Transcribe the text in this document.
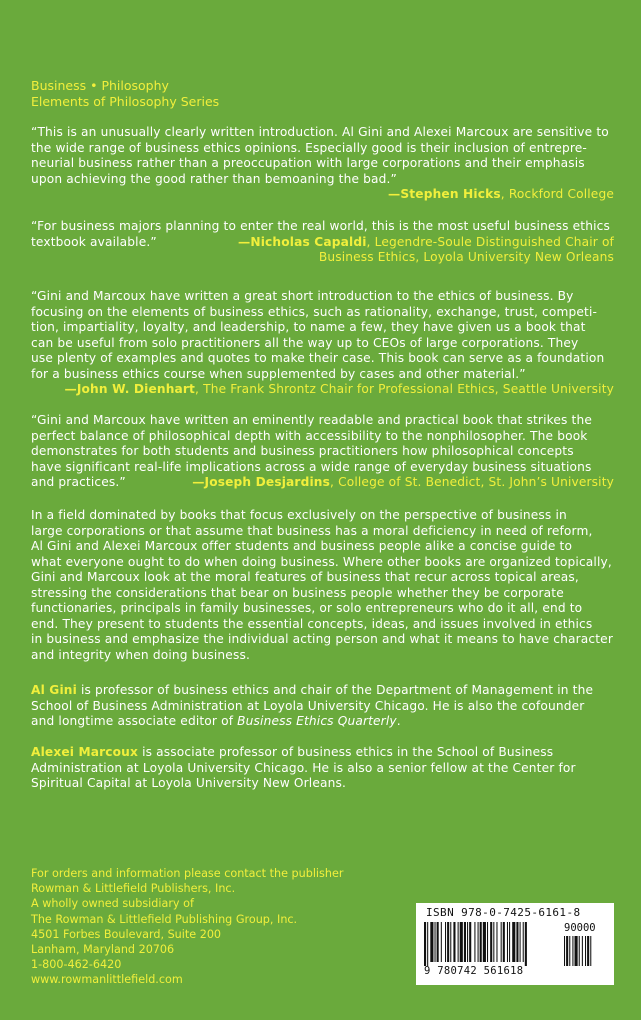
Business • Philosophy
Elements of Philosophy Series
“This is an unusually clearly written introduction. Al Gini and Alexei Marcoux are sensitive to
the wide range of business ethics opinions. Especially good is their inclusion of entrepre-
neurial business rather than a preoccupation with large corporations and their emphasis
upon achieving the good rather than bemoaning the bad.”
—Stephen Hicks, Rockford College
“For business majors planning to enter the real world, this is the most useful business ethics
textbook available.”	—Nicholas Capaldi, Legendre-Soule Distinguished Chair of
Business Ethics, Loyola University New Orleans
“Gini and Marcoux have written a great short introduction to the ethics of business. By
focusing on the elements of business ethics, such as rationality, exchange, trust, competi-
tion, impartiality, loyalty, and leadership, to name a few, they have given us a book that
can be useful from solo practitioners all the way up to CEOs of large corporations. They
use plenty of examples and quotes to make their case. This book can serve as a foundation
for a business ethics course when supplemented by cases and other material.”
—John W. Dienhart, The Frank Shrontz Chair for Professional Ethics, Seattle University
“Gini and Marcoux have written an eminently readable and practical book that strikes the
perfect balance of philosophical depth with accessibility to the nonphilosopher. The book
demonstrates for both students and business practitioners how philosophical concepts
have significant real-life implications across a wide range of everyday business situations
and practices.”	—Joseph Desjardins, College of St. Benedict, St. John’s University
In a field dominated by books that focus exclusively on the perspective of business in
large corporations or that assume that business has a moral deficiency in need of reform,
Al Gini and Alexei Marcoux offer students and business people alike a concise guide to
what everyone ought to do when doing business. Where other books are organized topically,
Gini and Marcoux look at the moral features of business that recur across topical areas,
stressing the considerations that bear on business people whether they be corporate
functionaries, principals in family businesses, or solo entrepreneurs who do it all, end to
end. They present to students the essential concepts, ideas, and issues involved in ethics
in business and emphasize the individual acting person and what it means to have character
and integrity when doing business.
Al Gini is professor of business ethics and chair of the Department of Management in the
School of Business Administration at Loyola University Chicago. He is also the cofounder
and longtime associate editor of Business Ethics Quarterly.
Alexei Marcoux is associate professor of business ethics in the School of Business
Administration at Loyola University Chicago. He is also a senior fellow at the Center for
Spiritual Capital at Loyola University New Orleans.
For orders and information please contact the publisher
Rowman & Littlefield Publishers, Inc.
A wholly owned subsidiary of
The Rowman & Littlefield Publishing Group, Inc.
4501 Forbes Boulevard, Suite 200
Lanham, Maryland 20706
1-800-462-6420
www.rowmanlittlefield.com
ISBN 978-0-7425-6161-8
9 780742 561618
90000
